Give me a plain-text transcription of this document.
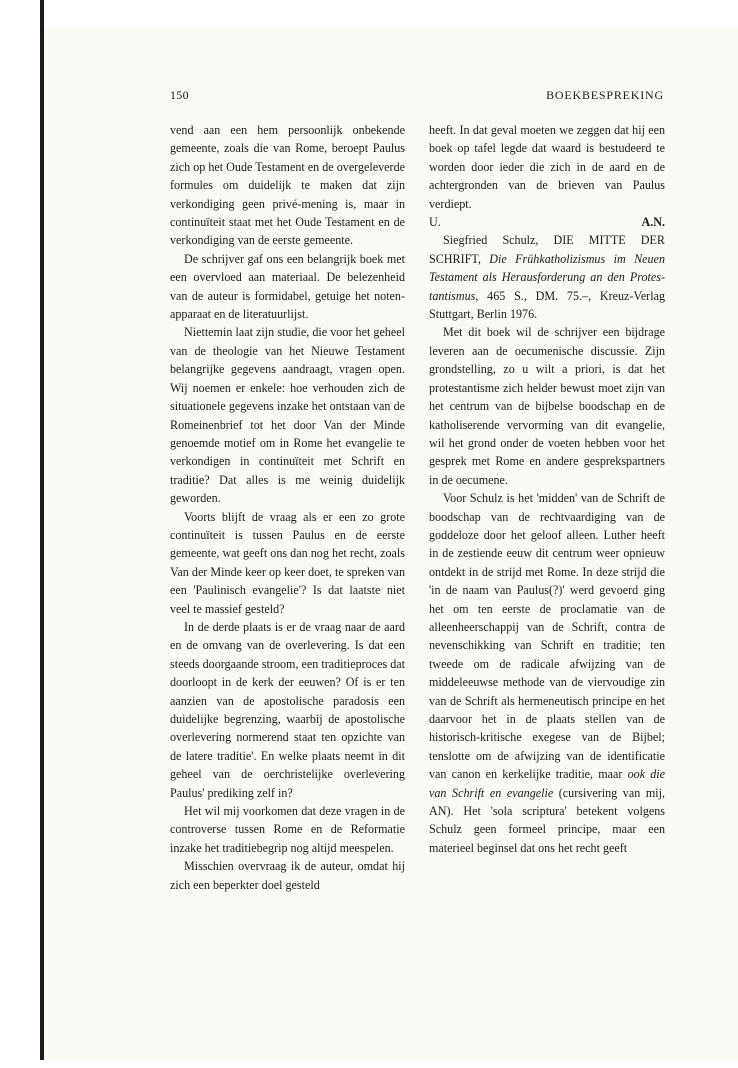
150	BOEKBESPREKING

vend aan een hem persoonlijk onbekende gemeente, zoals die van Rome, beroept Paulus zich op het Oude Testament en de overgeleverde formules om duidelijk te maken dat zijn verkondiging geen privé-mening is, maar in continuïteit staat met het Oude Testament en de verkondiging van de eerste gemeente.

De schrijver gaf ons een belangrijk boek met een overvloed aan materiaal. De belezenheid van de auteur is formidabel, getuige het noten-apparaat en de literatuurlijst.

Niettemin laat zijn studie, die voor het geheel van de theologie van het Nieuwe Testament belangrijke gegevens aandraagt, vragen open. Wij noemen er enkele: hoe verhouden zich de situationele gegevens inzake het ontstaan van de Romeinenbrief tot het door Van der Minde genoemde motief om in Rome het evangelie te verkondigen in continuïteit met Schrift en traditie? Dat alles is me weinig duidelijk geworden.

Voorts blijft de vraag als er een zo grote continuïteit is tussen Paulus en de eerste gemeente, wat geeft ons dan nog het recht, zoals Van der Minde keer op keer doet, te spreken van een 'Paulinisch evangelie'? Is dat laatste niet veel te massief gesteld?

In de derde plaats is er de vraag naar de aard en de omvang van de overlevering. Is dat een steeds doorgaande stroom, een traditieproces dat doorloopt in de kerk der eeuwen? Of is er ten aanzien van de apostolische paradosis een duidelijke begrenzing, waarbij de apostolische overlevering normerend staat ten opzichte van de latere traditie'. En welke plaats neemt in dit geheel van de oerchristelijke overlevering Paulus' prediking zelf in?

Het wil mij voorkomen dat deze vragen in de controverse tussen Rome en de Reformatie inzake het traditiebegrip nog altijd meespelen.

Misschien overvraag ik de auteur, omdat hij zich een beperkter doel gesteld

heeft. In dat geval moeten we zeggen dat hij een boek op tafel legde dat waard is bestudeerd te worden door ieder die zich in de aard en de achtergronden van de brieven van Paulus verdiept.

U.	A.N.

Siegfried Schulz, DIE MITTE DER SCHRIFT, Die Frühkatholizismus im Neuen Testament als Herausforderung an den Protestantismus, 465 S., DM. 75.–, Kreuz-Verlag Stuttgart, Berlin 1976.

Met dit boek wil de schrijver een bijdrage leveren aan de oecumenische discussie. Zijn grondstelling, zo u wilt a priori, is dat het protestantisme zich helder bewust moet zijn van het centrum van de bijbelse boodschap en de katholiserende vervorming van dit evangelie, wil het grond onder de voeten hebben voor het gesprek met Rome en andere gesprekspartners in de oecumene.

Voor Schulz is het 'midden' van de Schrift de boodschap van de rechtvaardiging van de goddeloze door het geloof alleen. Luther heeft in de zestiende eeuw dit centrum weer opnieuw ontdekt in de strijd met Rome. In deze strijd die 'in de naam van Paulus(?)' werd gevoerd ging het om ten eerste de proclamatie van de alleenheerschappij van de Schrift, contra de nevenschikking van Schrift en traditie; ten tweede om de radicale afwijzing van de middeleeuwse methode van de viervoudige zin van de Schrift als hermeneutisch principe en het daarvoor het in de plaats stellen van de historisch-kritische exegese van de Bijbel; tenslotte om de afwijzing van de identificatie van canon en kerkelijke traditie, maar ook die van Schrift en evangelie (cursivering van mij, AN). Het 'sola scriptura' betekent volgens Schulz geen formeel principe, maar een materieel beginsel dat ons het recht geeft
